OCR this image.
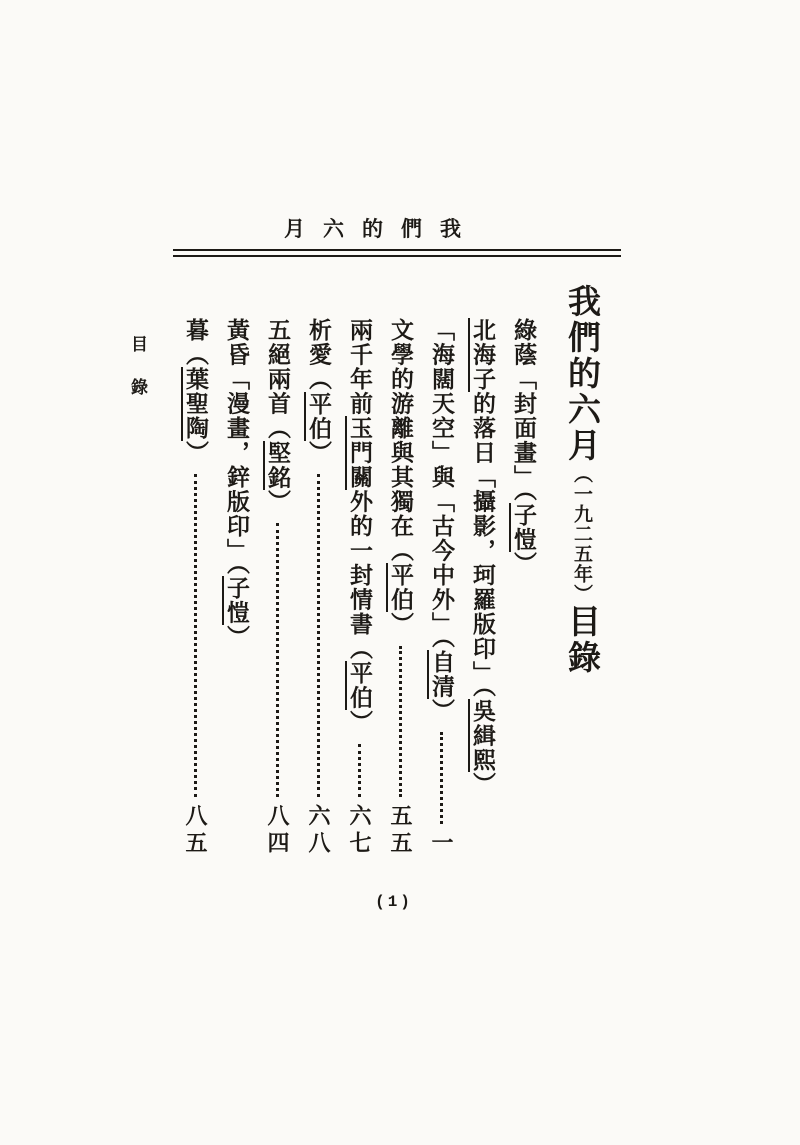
月六的們我
我們的六月（一九二五年）目錄
綠蔭「封面畫」（子愷）
北海子的落日「攝影，珂羅版印」（吳緝熙）
「海闊天空」與「古今中外」（自清）
一
文學的游離與其獨在（平伯）
五五
兩千年前玉門關外的一封情書（平伯）
六七
析愛（平伯）
六八
五絕兩首（堅銘）
八四
黃昏「漫畫，鋅版印」（子愷）
暮（葉聖陶）
八五
目錄
(1)
